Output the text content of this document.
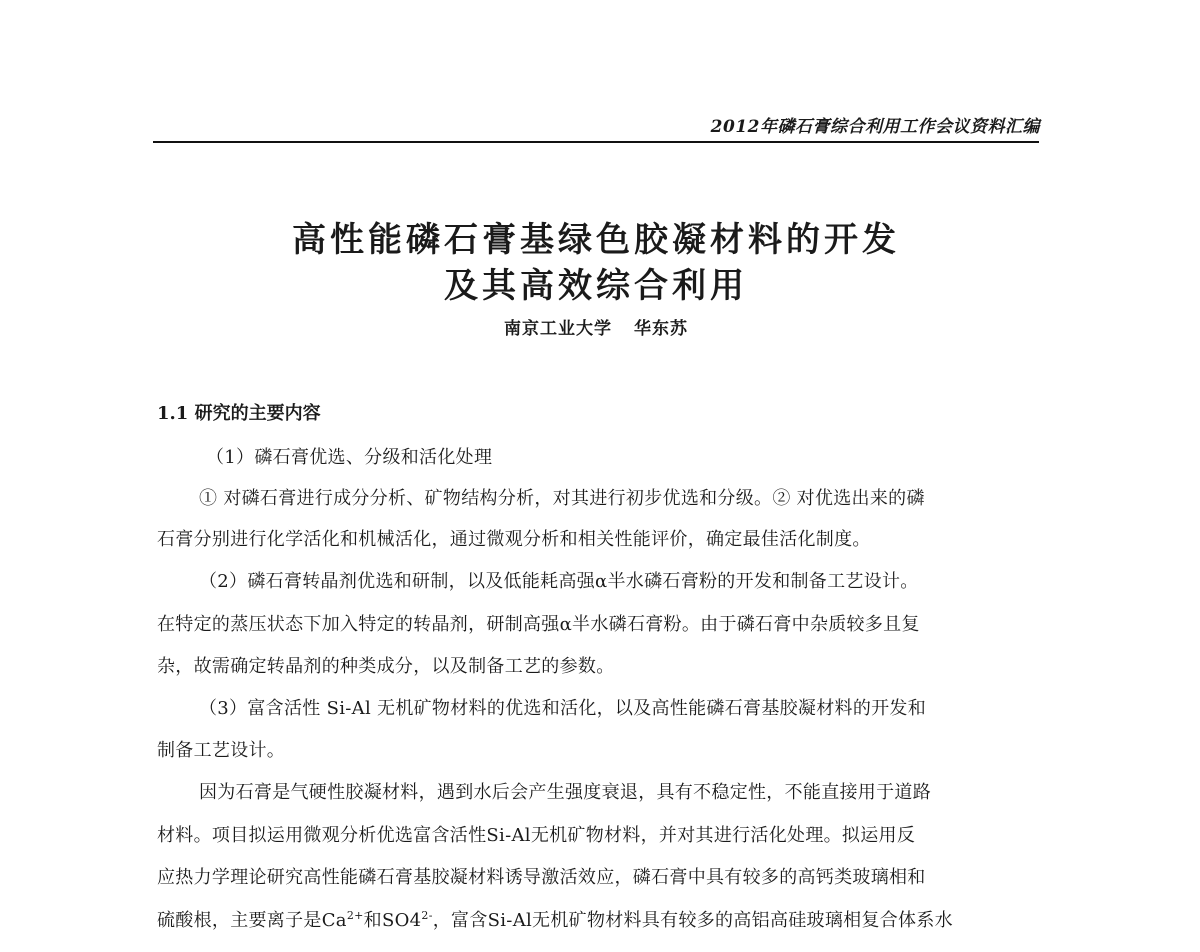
2012年磷石膏综合利用工作会议资料汇编
高性能磷石膏基绿色胶凝材料的开发
及其高效综合利用
南京工业大学 华东苏
1.1 研究的主要内容
（1）磷石膏优选、分级和活化处理
① 对磷石膏进行成分分析、矿物结构分析，对其进行初步优选和分级。② 对优选出来的磷
石膏分别进行化学活化和机械活化，通过微观分析和相关性能评价，确定最佳活化制度。
（2）磷石膏转晶剂优选和研制，以及低能耗高强α半水磷石膏粉的开发和制备工艺设计。
在特定的蒸压状态下加入特定的转晶剂，研制高强α半水磷石膏粉。由于磷石膏中杂质较多且复
杂，故需确定转晶剂的种类成分，以及制备工艺的参数。
（3）富含活性 Si-Al 无机矿物材料的优选和活化，以及高性能磷石膏基胶凝材料的开发和
制备工艺设计。
因为石膏是气硬性胶凝材料，遇到水后会产生强度衰退，具有不稳定性，不能直接用于道路
材料。项目拟运用微观分析优选富含活性Si-Al无机矿物材料，并对其进行活化处理。拟运用反
应热力学理论研究高性能磷石膏基胶凝材料诱导激活效应，磷石膏中具有较多的高钙类玻璃相和
硫酸根，主要离子是$Ca^{2+}$和$SO4^{2-}$，富含Si-Al无机矿物材料具有较多的高铝高硅玻璃相复合体系水
